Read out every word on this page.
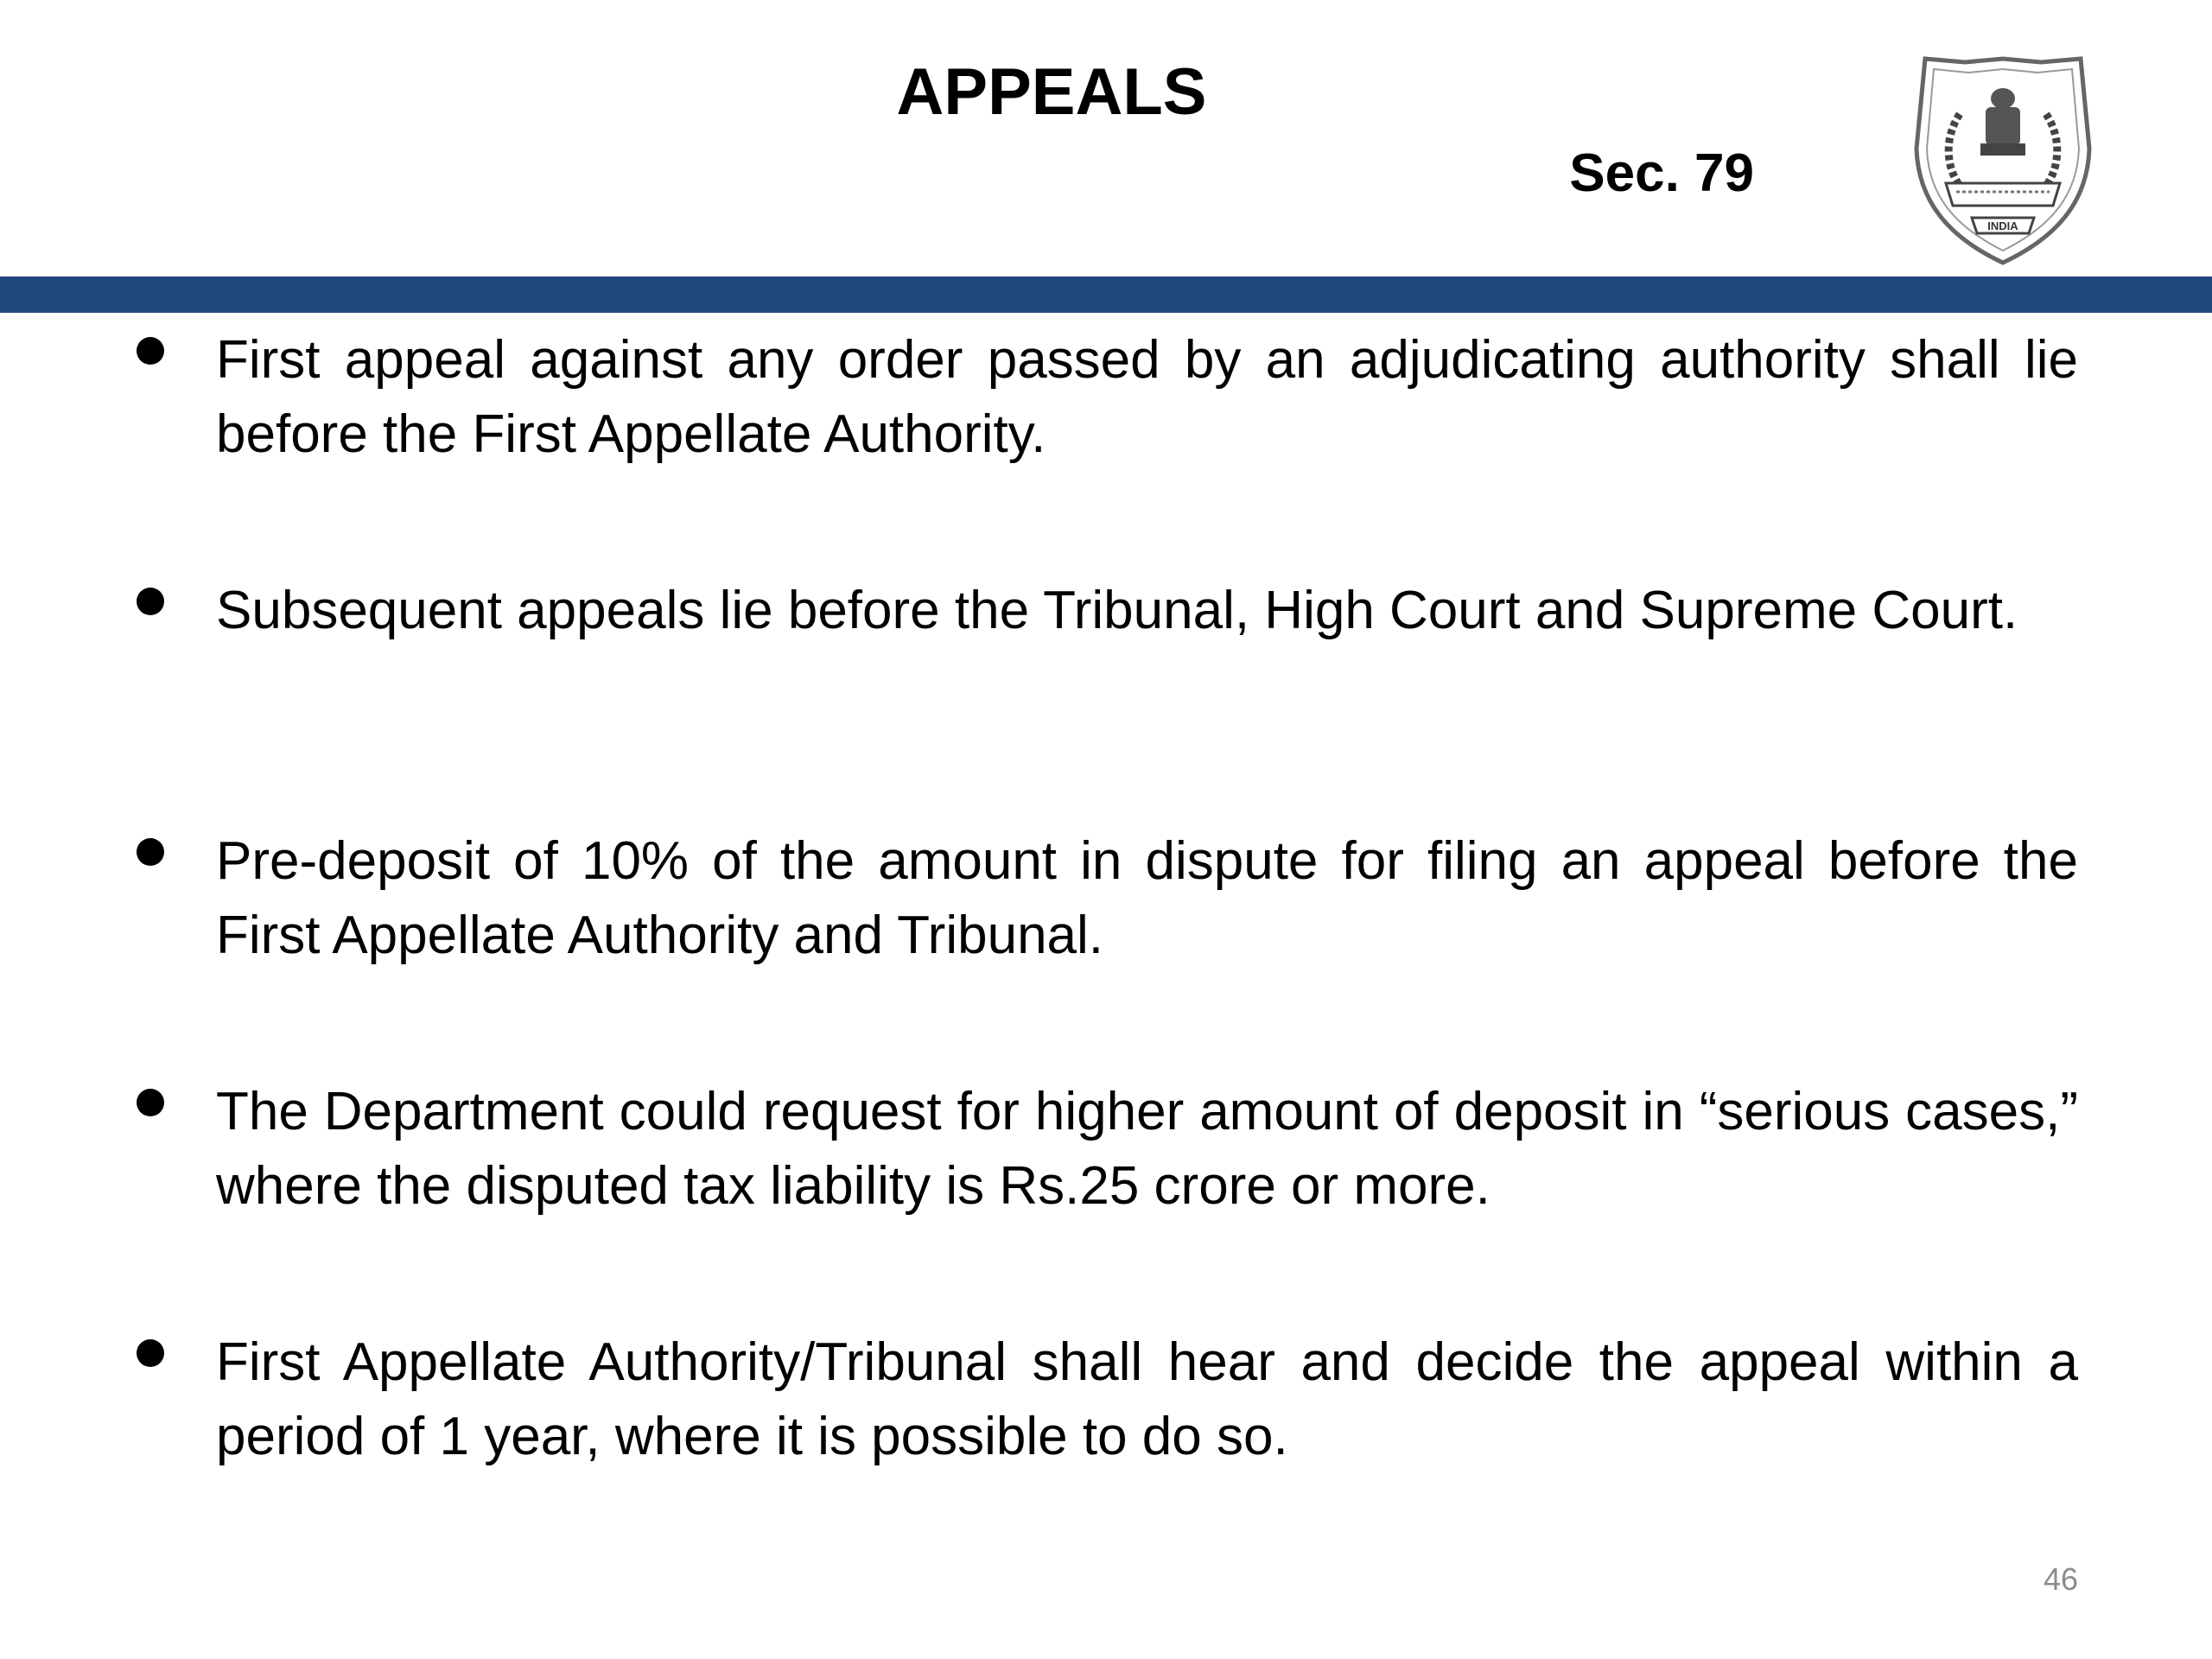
APPEALS
Sec. 79
INDIA
First appeal against any order passed by an adjudicating authority shall lie before the First Appellate Authority.
Subsequent appeals lie before the Tribunal, High Court and Supreme Court.
Pre-deposit of 10% of the amount in dispute for filing an appeal before the First Appellate Authority and Tribunal.
The Department could request for higher amount of deposit in “serious cases,” where the disputed tax liability is Rs.25 crore or more.
First Appellate Authority/Tribunal shall hear and decide the appeal within a period of 1 year, where it is possible to do so.
46
